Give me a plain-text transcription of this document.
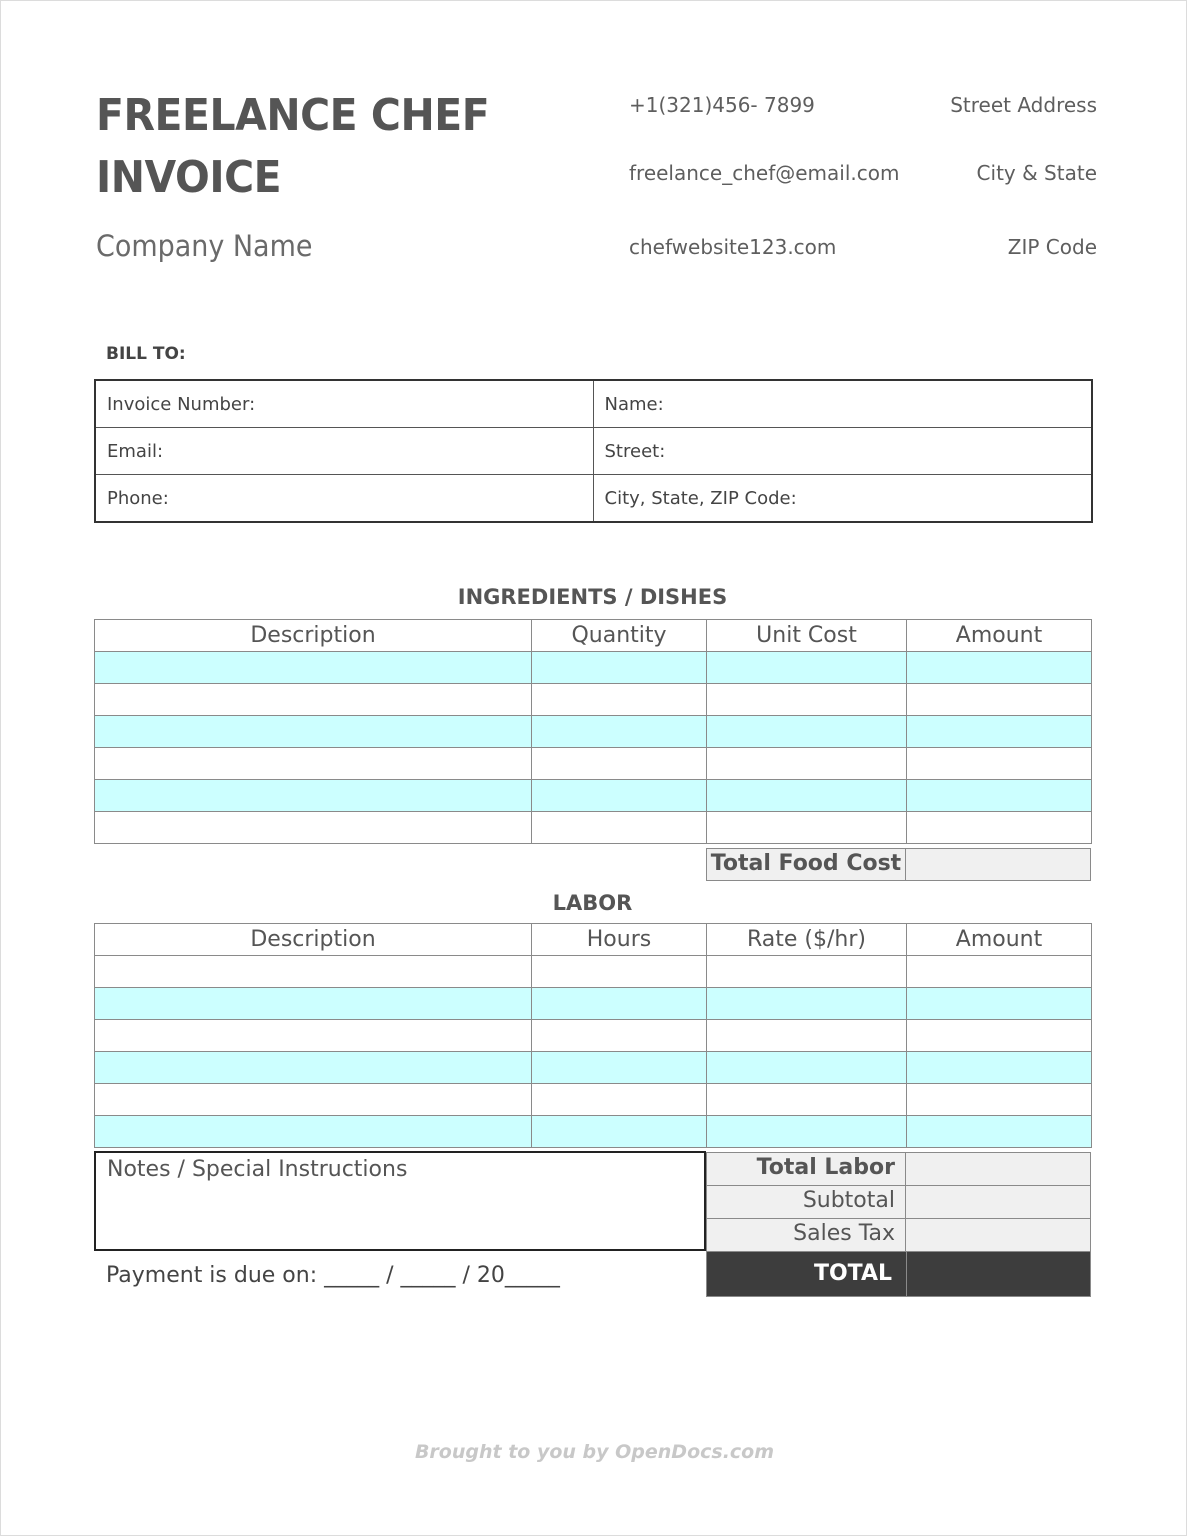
FREELANCE CHEF
INVOICE
Company Name
+1(321)456- 7899
freelance_chef@email.com
chefwebsite123.com
Street Address
City & State
ZIP Code
BILL TO:
Invoice Number:	Name:
Email:	Street:
Phone:	City, State, ZIP Code:
INGREDIENTS / DISHES
Description	Quantity	Unit Cost	Amount

Total Food Cost
LABOR
Description	Hours	Rate ($/hr)	Amount

Notes / Special Instructions	Total Labor
Subtotal
Sales Tax
TOTAL
Payment is due on: _____ / _____ / 20_____
Brought to you by OpenDocs.com
